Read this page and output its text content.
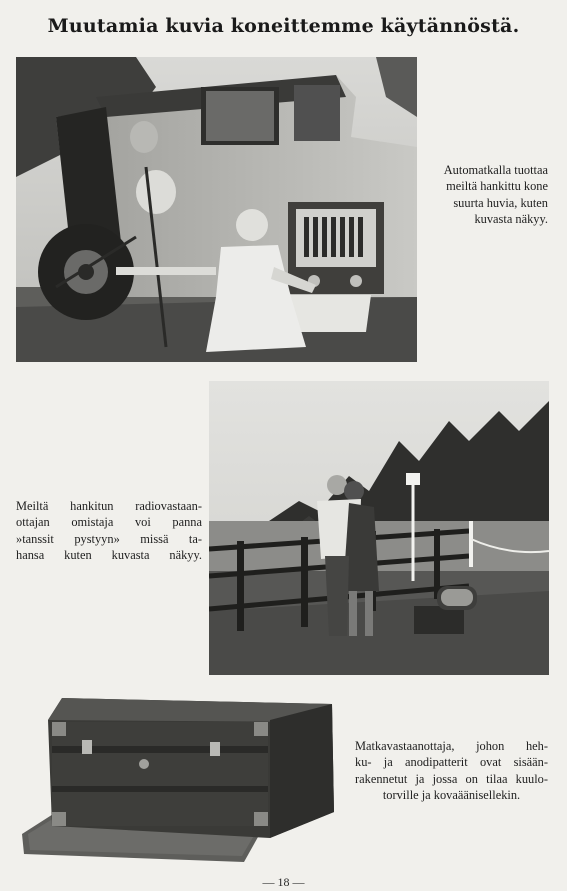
Muutamia kuvia koneittemme käytännöstä.
Automatkalla tuottaa
meiltä hankittu kone
suurta huvia, kuten
kuvasta näkyy.
Meiltä hankitun radiovastaan-
ottajan omistaja voi panna
»tanssit pystyyn» missä ta-
hansa kuten kuvasta näkyy.
Matkavastaanottaja, johon heh-
ku- ja anodipatterit ovat sisään-
rakennetut ja jossa on tilaa kuulo-
torville ja kovaäänisellekin.
— 18 —
